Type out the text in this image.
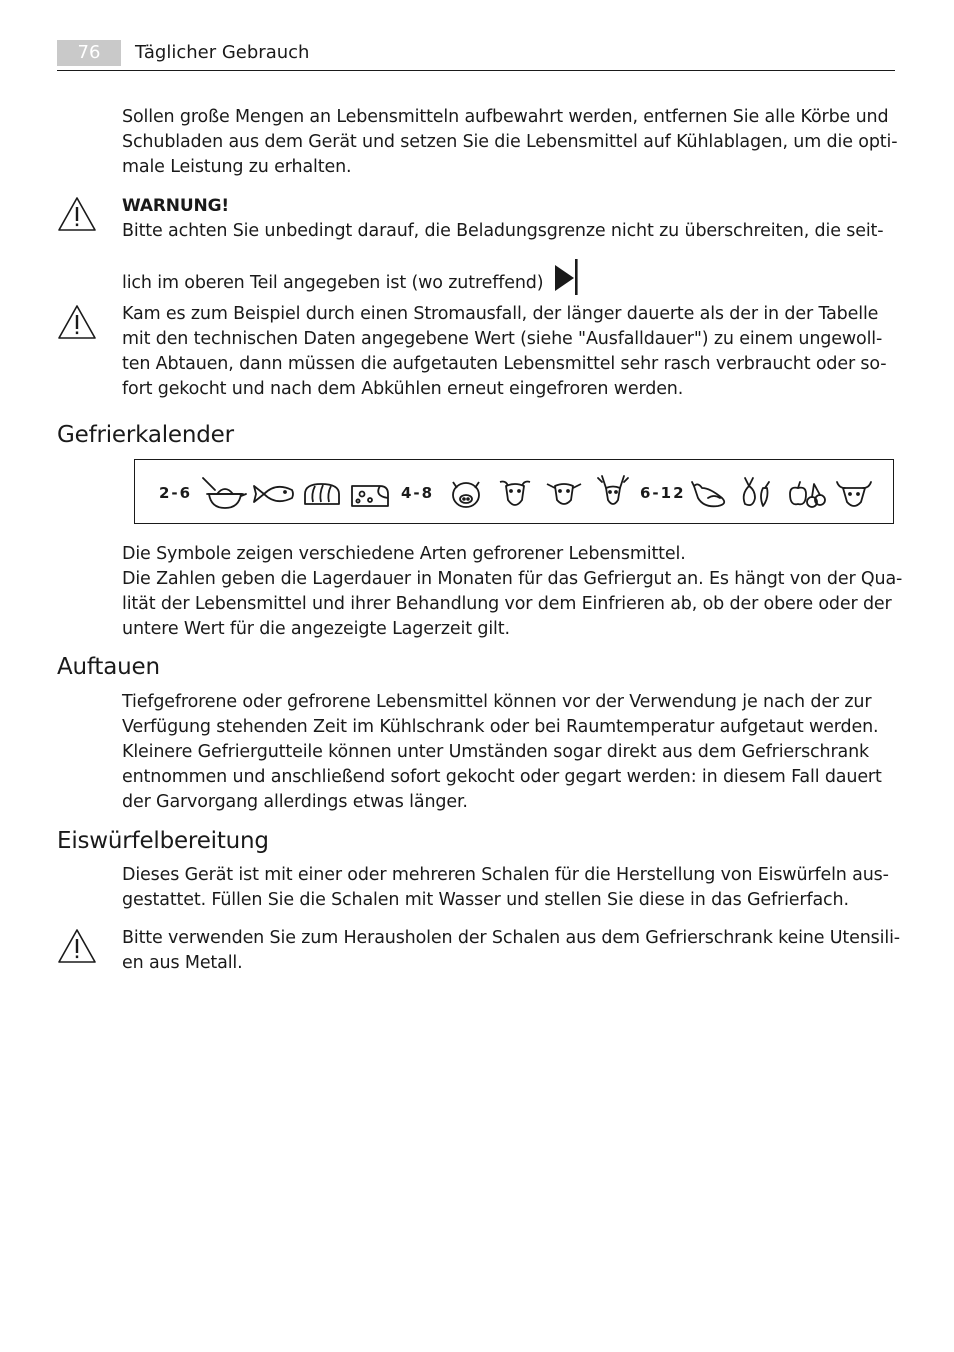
76	Täglicher Gebrauch
Sollen große Mengen an Lebensmitteln aufbewahrt werden, entfernen Sie alle Körbe und
Schubladen aus dem Gerät und setzen Sie die Lebensmittel auf Kühlablagen, um die opti-
male Leistung zu erhalten.
WARNUNG!
Bitte achten Sie unbedingt darauf, die Beladungsgrenze nicht zu überschreiten, die seit-
lich im oberen Teil angegeben ist (wo zutreffend)
Kam es zum Beispiel durch einen Stromausfall, der länger dauerte als der in der Tabelle
mit den technischen Daten angegebene Wert (siehe "Ausfalldauer") zu einem ungewoll-
ten Abtauen, dann müssen die aufgetauten Lebensmittel sehr rasch verbraucht oder so-
fort gekocht und nach dem Abkühlen erneut eingefroren werden.
Gefrierkalender
2-6	4-8	6-12
Die Symbole zeigen verschiedene Arten gefrorener Lebensmittel.
Die Zahlen geben die Lagerdauer in Monaten für das Gefriergut an. Es hängt von der Qua-
lität der Lebensmittel und ihrer Behandlung vor dem Einfrieren ab, ob der obere oder der
untere Wert für die angezeigte Lagerzeit gilt.
Auftauen
Tiefgefrorene oder gefrorene Lebensmittel können vor der Verwendung je nach der zur
Verfügung stehenden Zeit im Kühlschrank oder bei Raumtemperatur aufgetaut werden.
Kleinere Gefriergutteile können unter Umständen sogar direkt aus dem Gefrierschrank
entnommen und anschließend sofort gekocht oder gegart werden: in diesem Fall dauert
der Garvorgang allerdings etwas länger.
Eiswürfelbereitung
Dieses Gerät ist mit einer oder mehreren Schalen für die Herstellung von Eiswürfeln aus-
gestattet. Füllen Sie die Schalen mit Wasser und stellen Sie diese in das Gefrierfach.
Bitte verwenden Sie zum Herausholen der Schalen aus dem Gefrierschrank keine Utensili-
en aus Metall.
